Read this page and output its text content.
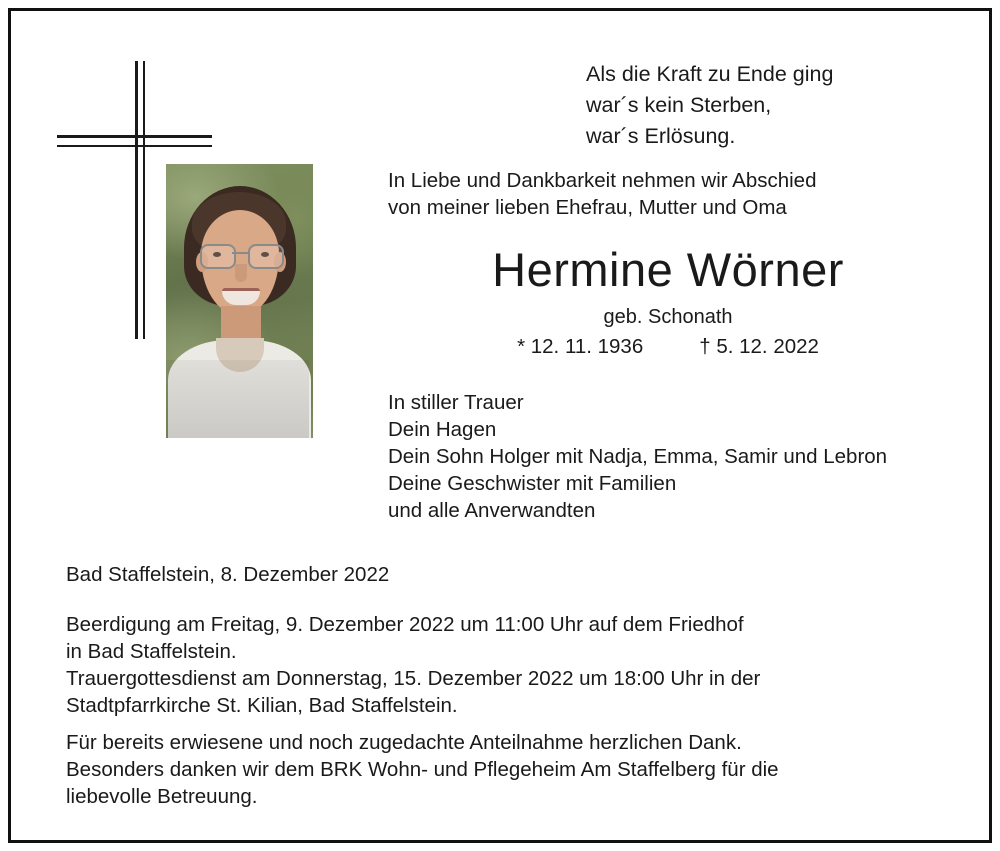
Als die Kraft zu Ende ging
war´s kein Sterben,
war´s Erlösung.
In Liebe und Dankbarkeit nehmen wir Abschied
von meiner lieben Ehefrau, Mutter und Oma
Hermine Wörner
geb. Schonath
* 12. 11. 1936	† 5. 12. 2022
In stiller Trauer
Dein Hagen
Dein Sohn Holger mit Nadja, Emma, Samir und Lebron
Deine Geschwister mit Familien
und alle Anverwandten
Bad Staffelstein, 8. Dezember 2022
Beerdigung am Freitag, 9. Dezember 2022 um 11:00 Uhr auf dem Friedhof
in Bad Staffelstein.
Trauergottesdienst am Donnerstag, 15. Dezember 2022 um 18:00 Uhr in der
Stadtpfarrkirche St. Kilian, Bad Staffelstein.
Für bereits erwiesene und noch zugedachte Anteilnahme herzlichen Dank.
Besonders danken wir dem BRK Wohn- und Pflegeheim Am Staffelberg für die
liebevolle Betreuung.
